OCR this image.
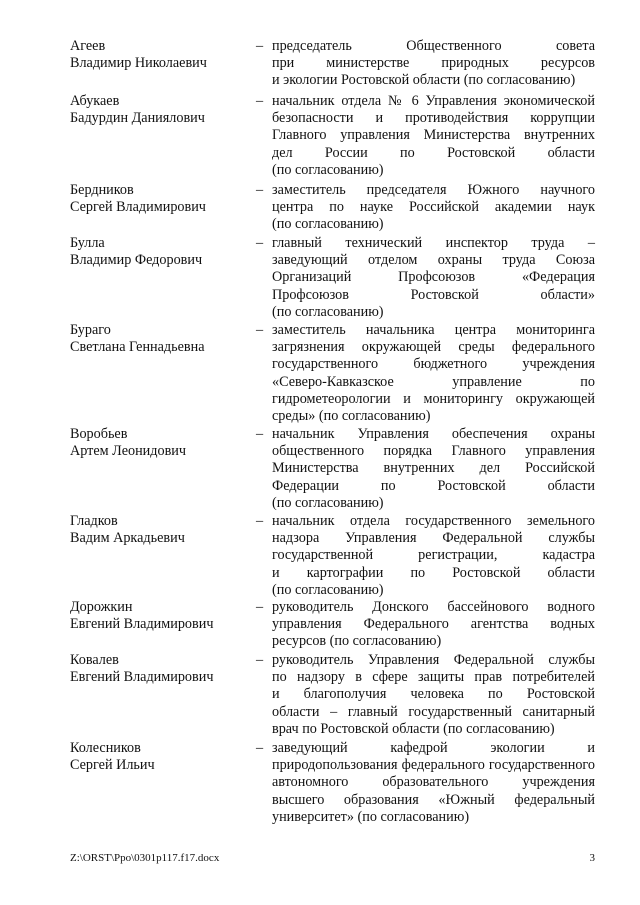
Агеев
Владимир Николаевич
– председатель Общественного совета
при министерстве природных ресурсов
и экологии Ростовской области (по согласованию)
Абукаев
Бадурдин Даниялович
– начальник отдела № 6 Управления экономической
безопасности и противодействия коррупции
Главного управления Министерства внутренних
дел России по Ростовской области
(по согласованию)
Бердников
Сергей Владимирович
– заместитель председателя Южного научного
центра по науке Российской академии наук
(по согласованию)
Булла
Владимир Федорович
– главный технический инспектор труда –
заведующий отделом охраны труда Союза
Организаций Профсоюзов «Федерация
Профсоюзов Ростовской области»
(по согласованию)
Бураго
Светлана Геннадьевна
– заместитель начальника центра мониторинга
загрязнения окружающей среды федерального
государственного бюджетного учреждения
«Северо-Кавказское управление по
гидрометеорологии и мониторингу окружающей
среды» (по согласованию)
Воробьев
Артем Леонидович
– начальник Управления обеспечения охраны
общественного порядка Главного управления
Министерства внутренних дел Российской
Федерации по Ростовской области
(по согласованию)
Гладков
Вадим Аркадьевич
– начальник отдела государственного земельного
надзора Управления Федеральной службы
государственной регистрации, кадастра
и картографии по Ростовской области
(по согласованию)
Дорожкин
Евгений Владимирович
– руководитель Донского бассейнового водного
управления Федерального агентства водных
ресурсов (по согласованию)
Ковалев
Евгений Владимирович
– руководитель Управления Федеральной службы
по надзору в сфере защиты прав потребителей
и благополучия человека по Ростовской
области – главный государственный санитарный
врач по Ростовской области (по согласованию)
Колесников
Сергей Ильич
– заведующий кафедрой экологии и
природопользования федерального государственного
автономного образовательного учреждения
высшего образования «Южный федеральный
университет» (по согласованию)
Z:\ORST\Ppo\0301p117.f17.docx	3
